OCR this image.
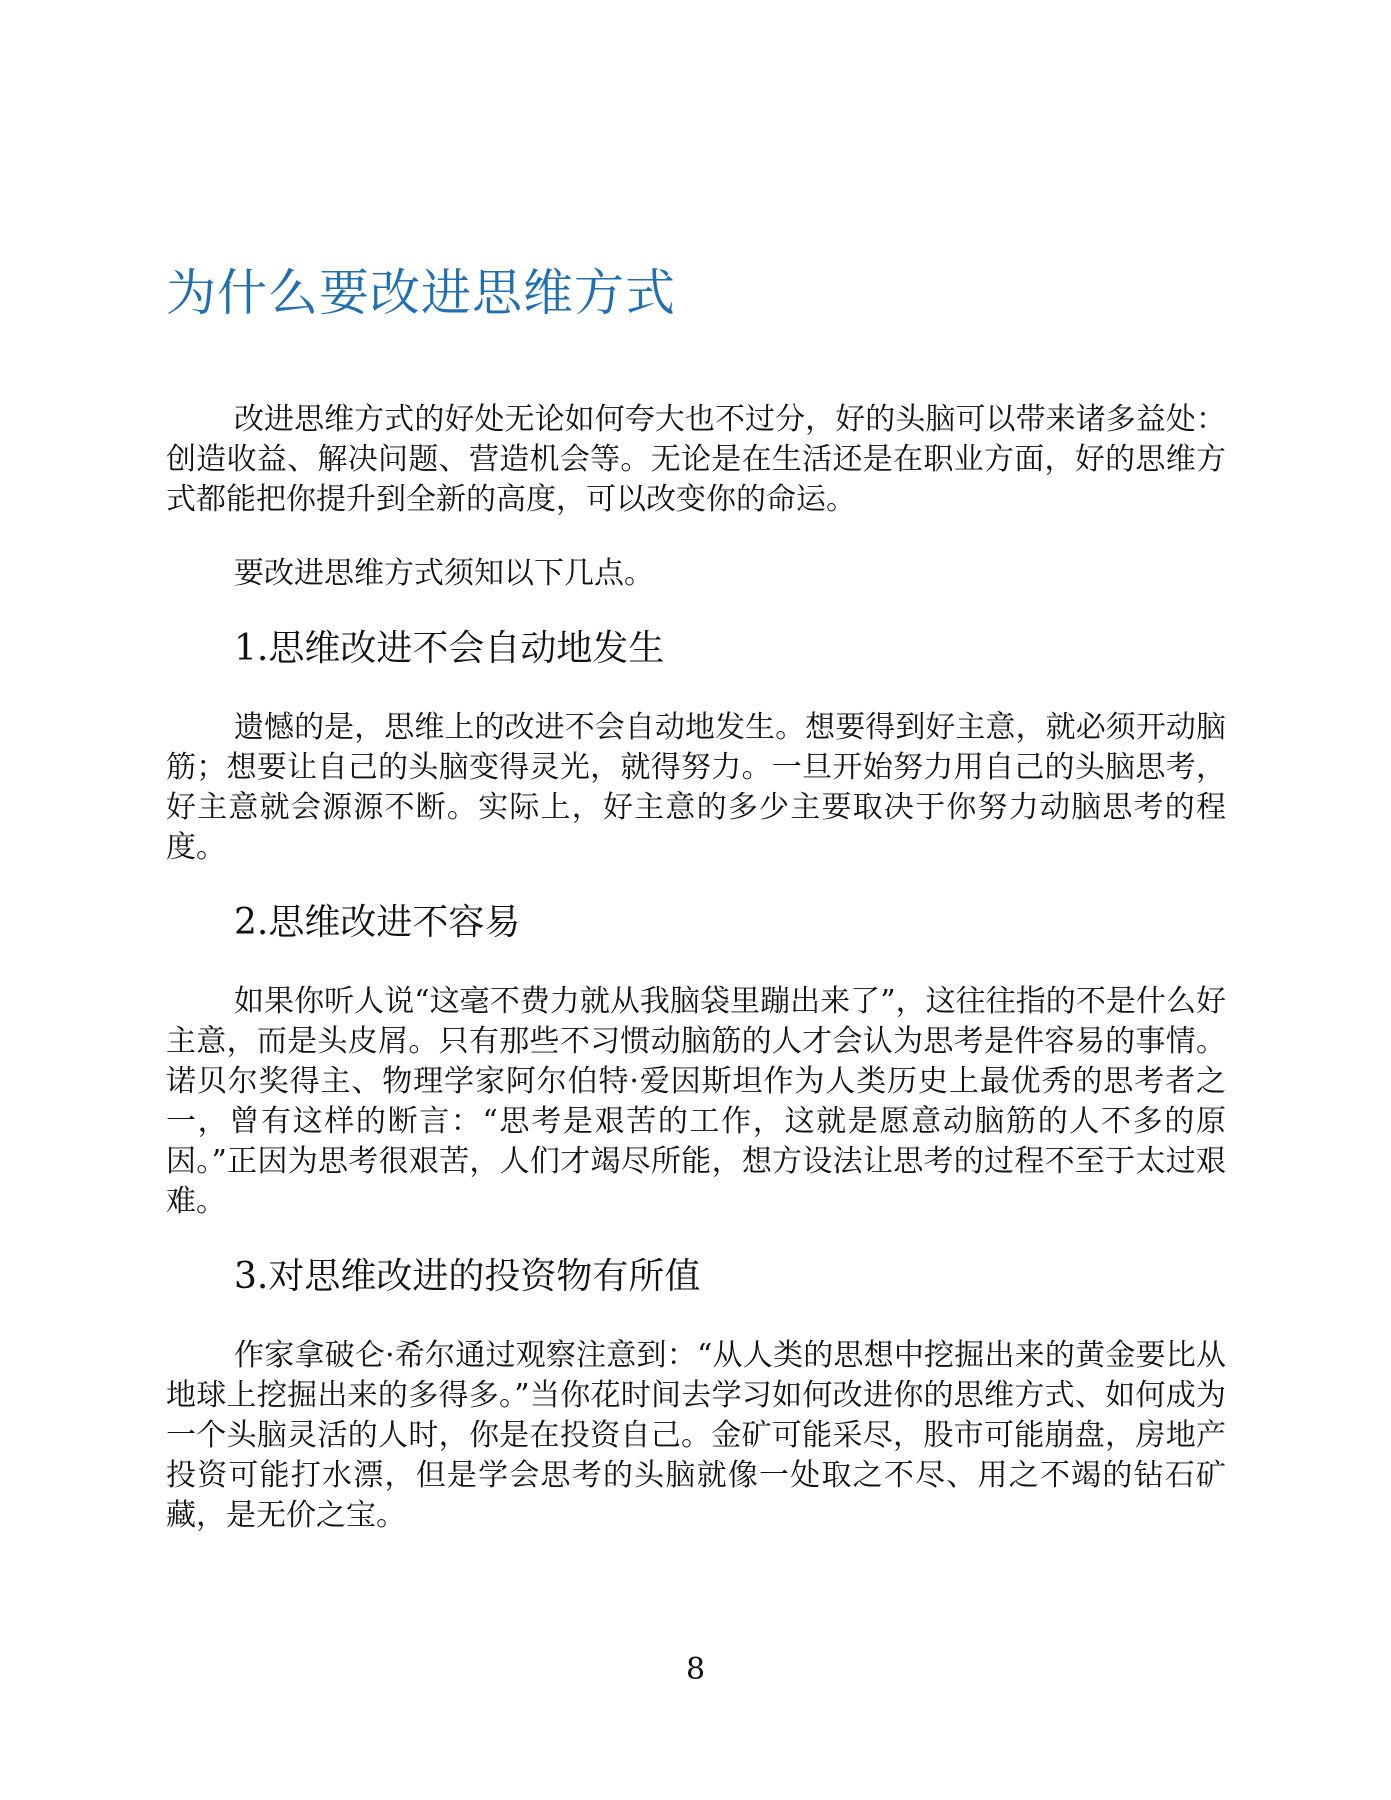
为什么要改进思维方式

改进思维方式的好处无论如何夸大也不过分，好的头脑可以带来诸多益处：创造收益、解决问题、营造机会等。无论是在生活还是在职业方面，好的思维方式都能把你提升到全新的高度，可以改变你的命运。

要改进思维方式须知以下几点。

1.思维改进不会自动地发生

遗憾的是，思维上的改进不会自动地发生。想要得到好主意，就必须开动脑筋；想要让自己的头脑变得灵光，就得努力。一旦开始努力用自己的头脑思考，好主意就会源源不断。实际上，好主意的多少主要取决于你努力动脑思考的程度。

2.思维改进不容易

如果你听人说“这毫不费力就从我脑袋里蹦出来了”，这往往指的不是什么好主意，而是头皮屑。只有那些不习惯动脑筋的人才会认为思考是件容易的事情。诺贝尔奖得主、物理学家阿尔伯特·爱因斯坦作为人类历史上最优秀的思考者之一，曾有这样的断言：“思考是艰苦的工作，这就是愿意动脑筋的人不多的原因。”正因为思考很艰苦，人们才竭尽所能，想方设法让思考的过程不至于太过艰难。

3.对思维改进的投资物有所值

作家拿破仑·希尔通过观察注意到：“从人类的思想中挖掘出来的黄金要比从地球上挖掘出来的多得多。”当你花时间去学习如何改进你的思维方式、如何成为一个头脑灵活的人时，你是在投资自己。金矿可能采尽，股市可能崩盘，房地产投资可能打水漂，但是学会思考的头脑就像一处取之不尽、用之不竭的钻石矿藏，是无价之宝。

8
